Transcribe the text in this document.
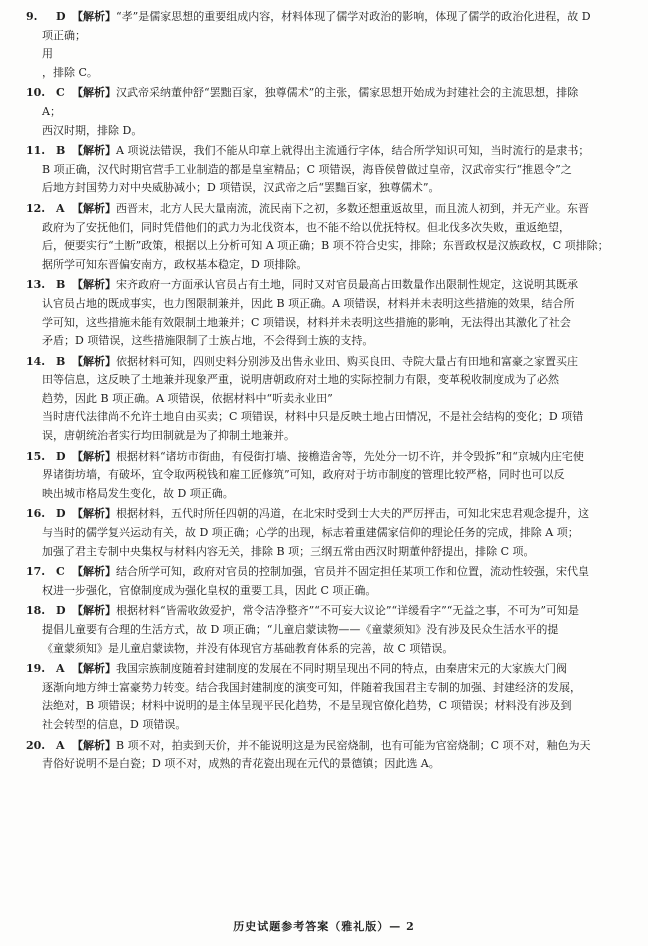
9. D 【解析】“孝”是儒家思想的重要组成内容，材料体现了儒学对政治的影响，体现了儒学的政治化进程，故 D
项正确；
用
，排除 C。
10. C 【解析】汉武帝采纳董仲舒“罢黜百家，独尊儒术”的主张，儒家思想开始成为封建社会的主流思想，排除
A；
西汉时期，排除 D。
11. B 【解析】A 项说法错误，我们不能从印章上就得出主流通行字体，结合所学知识可知，当时流行的是隶书；
B 项正确，汉代时期官营手工业制造的都是皇室精品；C 项错误，海昏侯曾做过皇帝，汉武帝实行“推恩令”之
后地方封国势力对中央威胁减小；D 项错误，汉武帝之后“罢黜百家，独尊儒术”。
12. A 【解析】西晋末，北方人民大量南流，流民南下之初，多数还想重返故里，而且流人初到，并无产业。东晋
政府为了安抚他们，同时凭借他们的武力为北伐资本，也不能不给以优抚特权。但北伐多次失败，重返绝望，
后，便要实行“土断”政策，根据以上分析可知 A 项正确；B 项不符合史实，排除；东晋政权是汉族政权，C 项排除；
据所学可知东晋偏安南方，政权基本稳定，D 项排除。
13. B 【解析】宋齐政府一方面承认官员占有土地，同时又对官员最高占田数量作出限制性规定，这说明其既承
认官员占地的既成事实，也力图限制兼并，因此 B 项正确。A 项错误，材料并未表明这些措施的效果，结合所
学可知，这些措施未能有效限制土地兼并；C 项错误，材料并未表明这些措施的影响，无法得出其激化了社会
矛盾；D 项错误，这些措施限制了士族占地，不会得到士族的支持。
14. B 【解析】依据材料可知，四则史料分别涉及出售永业田、购买良田、寺院大量占有田地和富豪之家置买庄
田等信息，这反映了土地兼并现象严重，说明唐朝政府对土地的实际控制力有限，变革税收制度成为了必然
趋势，因此 B 项正确。A 项错误，依据材料中“听卖永业田”
当时唐代法律尚不允许土地自由买卖；C 项错误，材料中只是反映土地占田情况，不是社会结构的变化；D 项错
误，唐朝统治者实行均田制就是为了抑制土地兼并。
15. D 【解析】根据材料“诸坊市街曲，有侵街打墙、接檐造舍等，先处分一切不许，并令毁拆”和“京城内庄宅使
界诸街坊墙，有破坏，宜令取两税钱和雇工匠修筑”可知，政府对于坊市制度的管理比较严格，同时也可以反
映出城市格局发生变化，故 D 项正确。
16. D 【解析】根据材料，五代时所任四朝的冯道，在北宋时受到士大夫的严厉抨击，可知北宋忠君观念提升，这
与当时的儒学复兴运动有关，故 D 项正确；心学的出现，标志着重建儒家信仰的理论任务的完成，排除 A 项；
加强了君主专制中央集权与材料内容无关，排除 B 项；三纲五常由西汉时期董仲舒提出，排除 C 项。
17. C 【解析】结合所学可知，政府对官员的控制加强，官员并不固定担任某项工作和位置，流动性较强，宋代皇
权进一步强化，官僚制度成为强化皇权的重要工具，因此 C 项正确。
18. D 【解析】根据材料“皆需收敛爱护，常令洁净整齐”“不可妄大议论”“详缓看字”“无益之事，不可为”可知是
提倡儿童要有合理的生活方式，故 D 项正确；“儿童启蒙读物——《童蒙须知》没有涉及民众生活水平的提
《童蒙须知》是儿童启蒙读物，并没有体现官方基础教育体系的完善，故 C 项错误。
19. A 【解析】我国宗族制度随着封建制度的发展在不同时期呈现出不同的特点，由秦唐宋元的大家族大门阀
逐渐向地方绅士富豪势力转变。结合我国封建制度的演变可知，伴随着我国君主专制的加强、封建经济的发展，
法绝对，B 项错误；材料中说明的是主体呈现平民化趋势，不是呈现官僚化趋势，C 项错误；材料没有涉及到
社会转型的信息，D 项错误。
20. A 【解析】B 项不对，拍卖到天价，并不能说明这是为民窑烧制，也有可能为官窑烧制；C 项不对，釉色为天
青俗好说明不是白瓷；D 项不对，成熟的青花瓷出现在元代的景德镇；因此选 A。
历史试题参考答案（雅礼版）— 2
